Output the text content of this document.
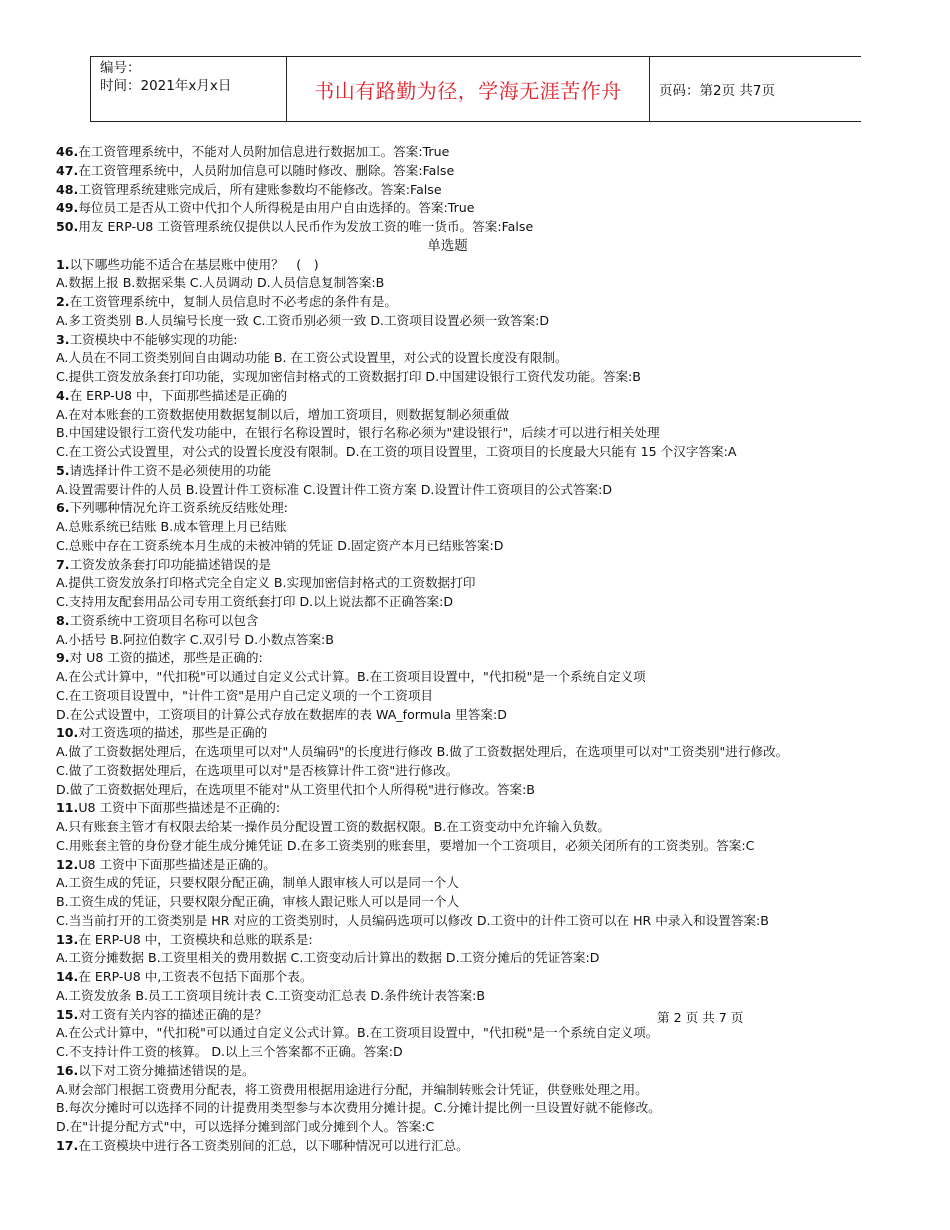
编号：
时间：2021年x月x日	书山有路勤为径，学海无涯苦作舟	页码：第2页 共7页
46.在工资管理系统中，不能对人员附加信息进行数据加工。答案:True
47.在工资管理系统中，人员附加信息可以随时修改、删除。答案:False
48.工资管理系统建账完成后，所有建账参数均不能修改。答案:False
49.每位员工是否从工资中代扣个人所得税是由用户自由选择的。答案:True
50.用友 ERP-U8 工资管理系统仅提供以人民币作为发放工资的唯一货币。答案:False
单选题
1.以下哪些功能不适合在基层账中使用？　(　)
A.数据上报 B.数据采集 C.人员调动 D.人员信息复制答案:B
2.在工资管理系统中，复制人员信息时不必考虑的条件有是。
A.多工资类别 B.人员编号长度一致 C.工资币别必须一致 D.工资项目设置必须一致答案:D
3.工资模块中不能够实现的功能:
A.人员在不同工资类别间自由调动功能 B. 在工资公式设置里，对公式的设置长度没有限制。
C.提供工资发放条套打印功能，实现加密信封格式的工资数据打印 D.中国建设银行工资代发功能。答案:B
4.在 ERP-U8 中，下面那些描述是正确的
A.在对本账套的工资数据使用数据复制以后，增加工资项目，则数据复制必须重做
B.中国建设银行工资代发功能中，在银行名称设置时，银行名称必须为"建设银行"，后续才可以进行相关处理
C.在工资公式设置里，对公式的设置长度没有限制。D.在工资的项目设置里，工资项目的长度最大只能有 15 个汉字答案:A
5.请选择计件工资不是必须使用的功能
A.设置需要计件的人员 B.设置计件工资标准 C.设置计件工资方案 D.设置计件工资项目的公式答案:D
6.下列哪种情况允许工资系统反结账处理:
A.总账系统已结账 B.成本管理上月已结账
C.总账中存在工资系统本月生成的未被冲销的凭证 D.固定资产本月已结账答案:D
7.工资发放条套打印功能描述错误的是
A.提供工资发放条打印格式完全自定义 B.实现加密信封格式的工资数据打印
C.支持用友配套用品公司专用工资纸套打印 D.以上说法都不正确答案:D
8.工资系统中工资项目名称可以包含
A.小括号 B.阿拉伯数字 C.双引号 D.小数点答案:B
9.对 U8 工资的描述，那些是正确的:
A.在公式计算中，"代扣税"可以通过自定义公式计算。B.在工资项目设置中，"代扣税"是一个系统自定义项
C.在工资项目设置中，"计件工资"是用户自己定义项的一个工资项目
D.在公式设置中，工资项目的计算公式存放在数据库的表 WA_formula 里答案:D
10.对工资选项的描述，那些是正确的
A.做了工资数据处理后，在选项里可以对"人员编码"的长度进行修改 B.做了工资数据处理后，在选项里可以对"工资类别"进行修改。
C.做了工资数据处理后，在选项里可以对"是否核算计件工资"进行修改。
D.做了工资数据处理后，在选项里不能对"从工资里代扣个人所得税"进行修改。答案:B
11.U8 工资中下面那些描述是不正确的:
A.只有账套主管才有权限去给某一操作员分配设置工资的数据权限。B.在工资变动中允许输入负数。
C.用账套主管的身份登才能生成分摊凭证 D.在多工资类别的账套里，要增加一个工资项目，必须关闭所有的工资类别。答案:C
12.U8 工资中下面那些描述是正确的。
A.工资生成的凭证，只要权限分配正确，制单人跟审核人可以是同一个人
B.工资生成的凭证，只要权限分配正确，审核人跟记账人可以是同一个人
C.当当前打开的工资类别是 HR 对应的工资类别时，人员编码选项可以修改 D.工资中的计件工资可以在 HR 中录入和设置答案:B
13.在 ERP-U8 中，工资模块和总账的联系是:
A.工资分摊数据 B.工资里相关的费用数据 C.工资变动后计算出的数据 D.工资分摊后的凭证答案:D
14.在 ERP-U8 中,工资表不包括下面那个表。
A.工资发放条 B.员工工资项目统计表 C.工资变动汇总表 D.条件统计表答案:B
15.对工资有关内容的描述正确的是？
A.在公式计算中，"代扣税"可以通过自定义公式计算。B.在工资项目设置中，"代扣税"是一个系统自定义项。
C.不支持计件工资的核算。 D.以上三个答案都不正确。答案:D
16.以下对工资分摊描述错误的是。
A.财会部门根据工资费用分配表，将工资费用根据用途进行分配，并编制转账会计凭证，供登账处理之用。
B.每次分摊时可以选择不同的计提费用类型参与本次费用分摊计提。C.分摊计提比例一旦设置好就不能修改。
D.在"计提分配方式"中，可以选择分摊到部门或分摊到个人。答案:C
17.在工资模块中进行各工资类别间的汇总，以下哪种情况可以进行汇总。
第 2 页 共 7 页
